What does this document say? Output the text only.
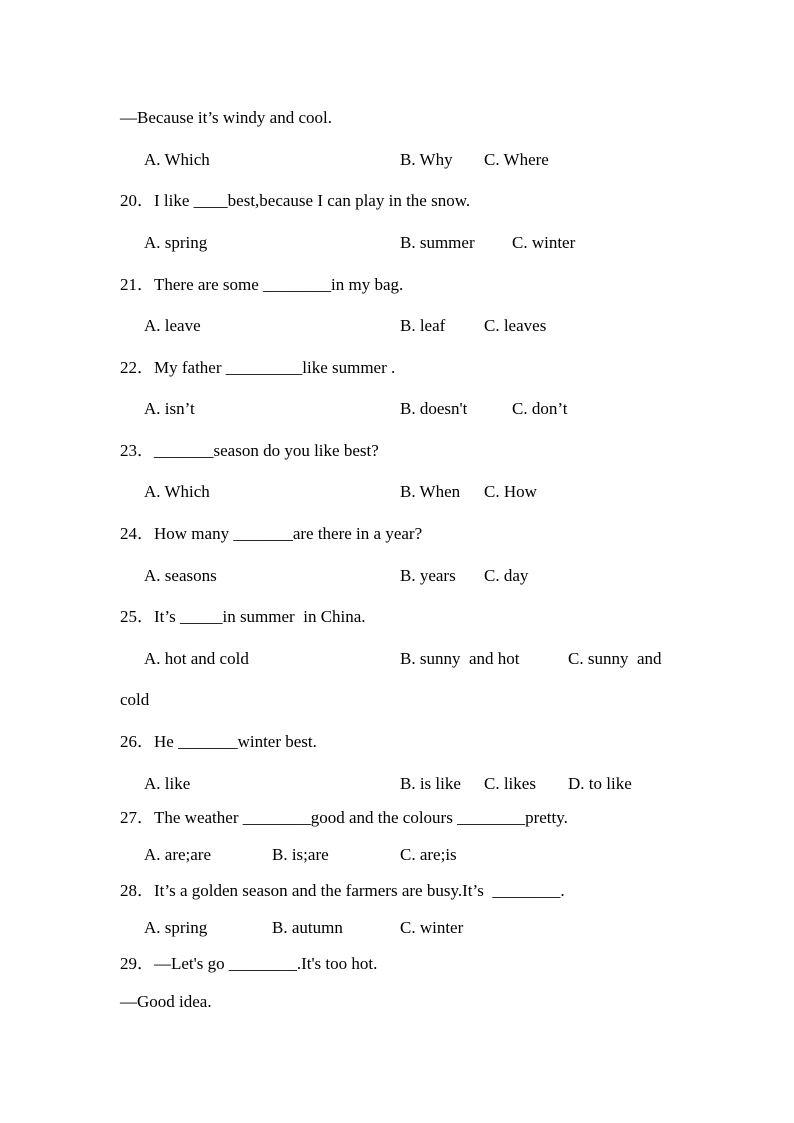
—Because it’s windy and cool.
A. Which	B. Why C. Where
20．I like ____best,because I can play in the snow.
A. spring	B. summer C. winter
21．There are some ________in my bag.
A. leave	B. leaf C. leaves
22．My father _________like summer .
A. isn’t	B. doesn't	C. don’t
23．_______season do you like best?
A. Which	B. When C. How
24．How many _______are there in a year?
A. seasons	B. years C. day
25．It’s _____in summer  in China.
A. hot and cold	B. sunny  and hot	C. sunny  and
cold
26．He _______winter best.
A. like	B. is like C. likes D. to like
27．The weather ________good and the colours ________pretty.
A. are;are	B. is;are	C. are;is
28．It’s a golden season and the farmers are busy.It’s  ________.
A. spring	B. autumn	C. winter
29．—Let's go ________.It's too hot.
—Good idea.
